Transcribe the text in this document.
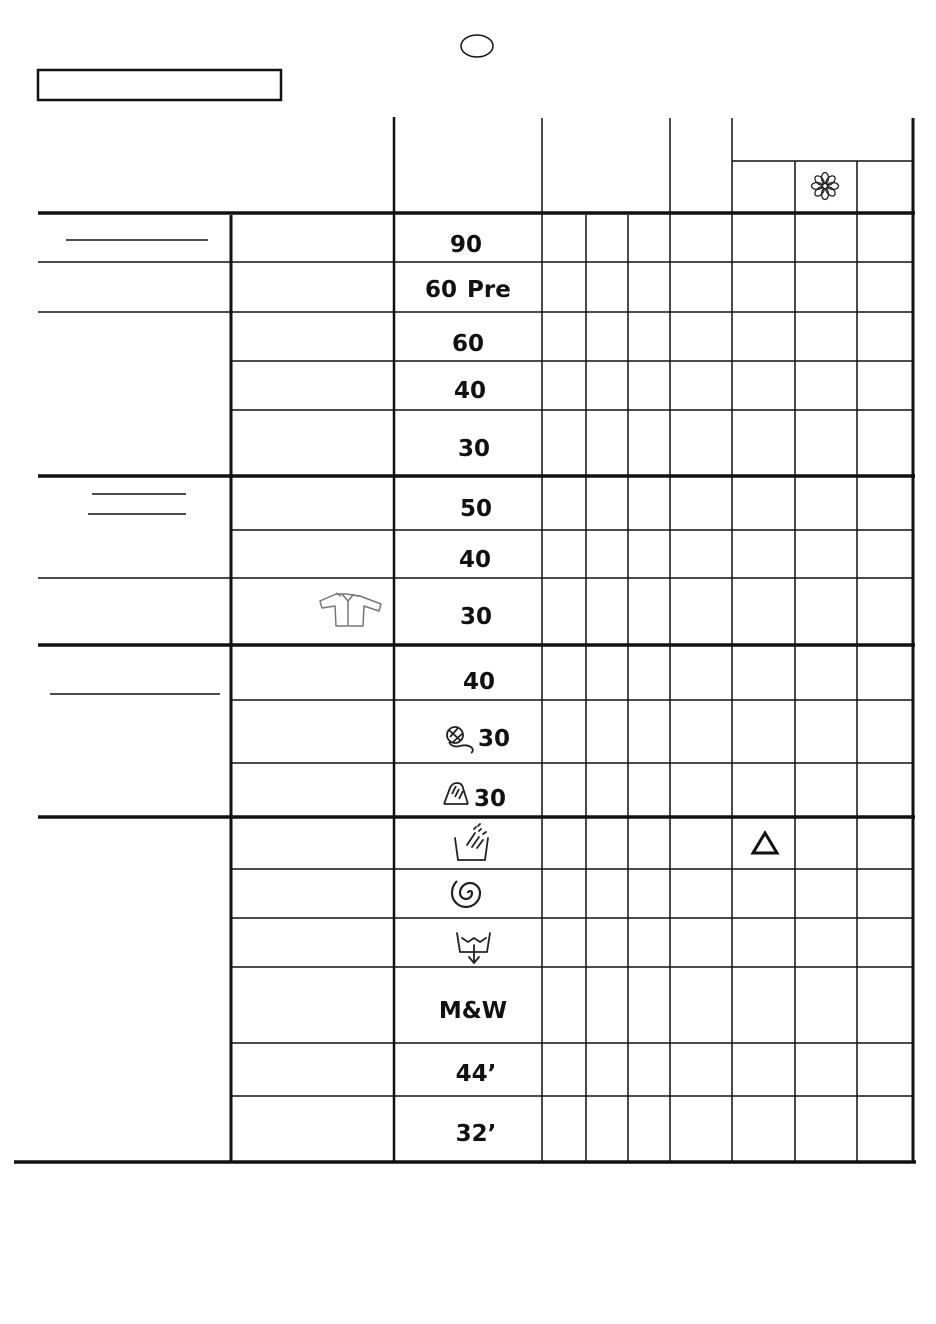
90
60 Pre
60
40
30
50
40
30
40
30
30
M&W
44’
32’
